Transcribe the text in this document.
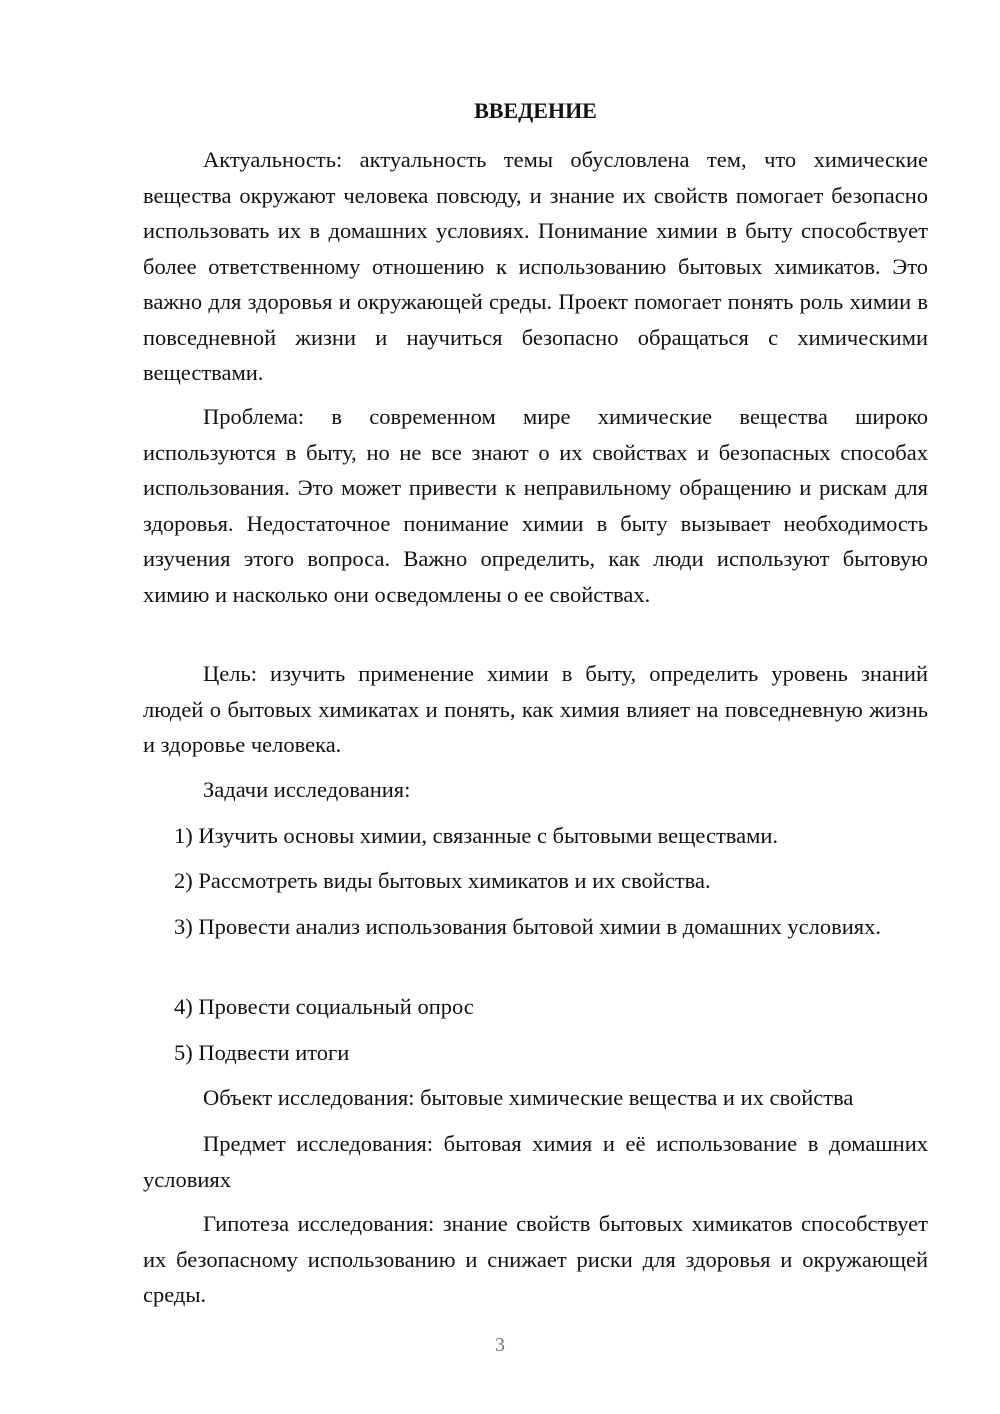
ВВЕДЕНИЕ

Актуальность: актуальность темы обусловлена тем, что химические вещества окружают человека повсюду, и знание их свойств помогает безопасно использовать их в домашних условиях. Понимание химии в быту способствует более ответственному отношению к использованию бытовых химикатов. Это важно для здоровья и окружающей среды. Проект помогает понять роль химии в повседневной жизни и научиться безопасно обращаться с химическими веществами.

Проблема: в современном мире химические вещества широко используются в быту, но не все знают о их свойствах и безопасных способах использования. Это может привести к неправильному обращению и рискам для здоровья. Недостаточное понимание химии в быту вызывает необходимость изучения этого вопроса. Важно определить, как люди используют бытовую химию и насколько они осведомлены о ее свойствах.

Цель: изучить применение химии в быту, определить уровень знаний людей о бытовых химикатах и понять, как химия влияет на повседневную жизнь и здоровье человека.

Задачи исследования:

1) Изучить основы химии, связанные с бытовыми веществами.

2) Рассмотреть виды бытовых химикатов и их свойства.

3) Провести анализ использования бытовой химии в домашних условиях.

4) Провести социальный опрос

5) Подвести итоги

Объект исследования: бытовые химические вещества и их свойства

Предмет исследования: бытовая химия и её использование в домашних условиях

Гипотеза исследования: знание свойств бытовых химикатов способствует их безопасному использованию и снижает риски для здоровья и окружающей среды.

3
